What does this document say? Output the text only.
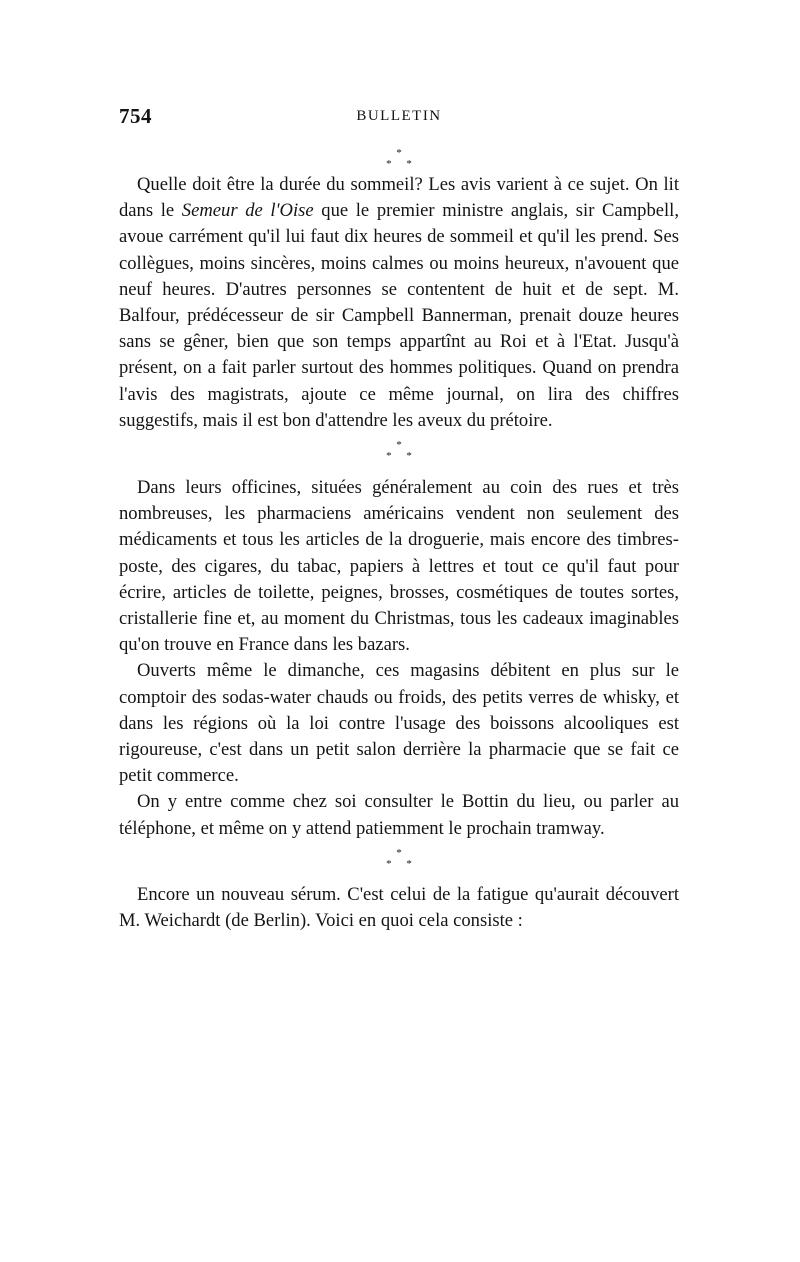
754	BULLETIN
*
* *

Quelle doit être la durée du sommeil? Les avis varient à ce sujet. On lit dans le Semeur de l'Oise que le premier ministre anglais, sir Campbell, avoue carrément qu'il lui faut dix heures de sommeil et qu'il les prend. Ses collègues, moins sincères, moins calmes ou moins heureux, n'avouent que neuf heures. D'autres personnes se contentent de huit et de sept. M. Balfour, prédécesseur de sir Campbell Bannerman, prenait douze heures sans se gêner, bien que son temps appartînt au Roi et à l'Etat. Jusqu'à présent, on a fait parler surtout des hommes politiques. Quand on prendra l'avis des magistrats, ajoute ce même journal, on lira des chiffres suggestifs, mais il est bon d'attendre les aveux du prétoire.

*
* *

Dans leurs officines, situées généralement au coin des rues et très nombreuses, les pharmaciens américains vendent non seulement des médicaments et tous les articles de la droguerie, mais encore des timbres-poste, des cigares, du tabac, papiers à lettres et tout ce qu'il faut pour écrire, articles de toilette, peignes, brosses, cosmétiques de toutes sortes, cristallerie fine et, au moment du Christmas, tous les cadeaux imaginables qu'on trouve en France dans les bazars.

Ouverts même le dimanche, ces magasins débitent en plus sur le comptoir des sodas-water chauds ou froids, des petits verres de whisky, et dans les régions où la loi contre l'usage des boissons alcooliques est rigoureuse, c'est dans un petit salon derrière la pharmacie que se fait ce petit commerce.

On y entre comme chez soi consulter le Bottin du lieu, ou parler au téléphone, et même on y attend patiemment le prochain tramway.

*
* *

Encore un nouveau sérum. C'est celui de la fatigue qu'aurait découvert M. Weichardt (de Berlin). Voici en quoi cela consiste :
